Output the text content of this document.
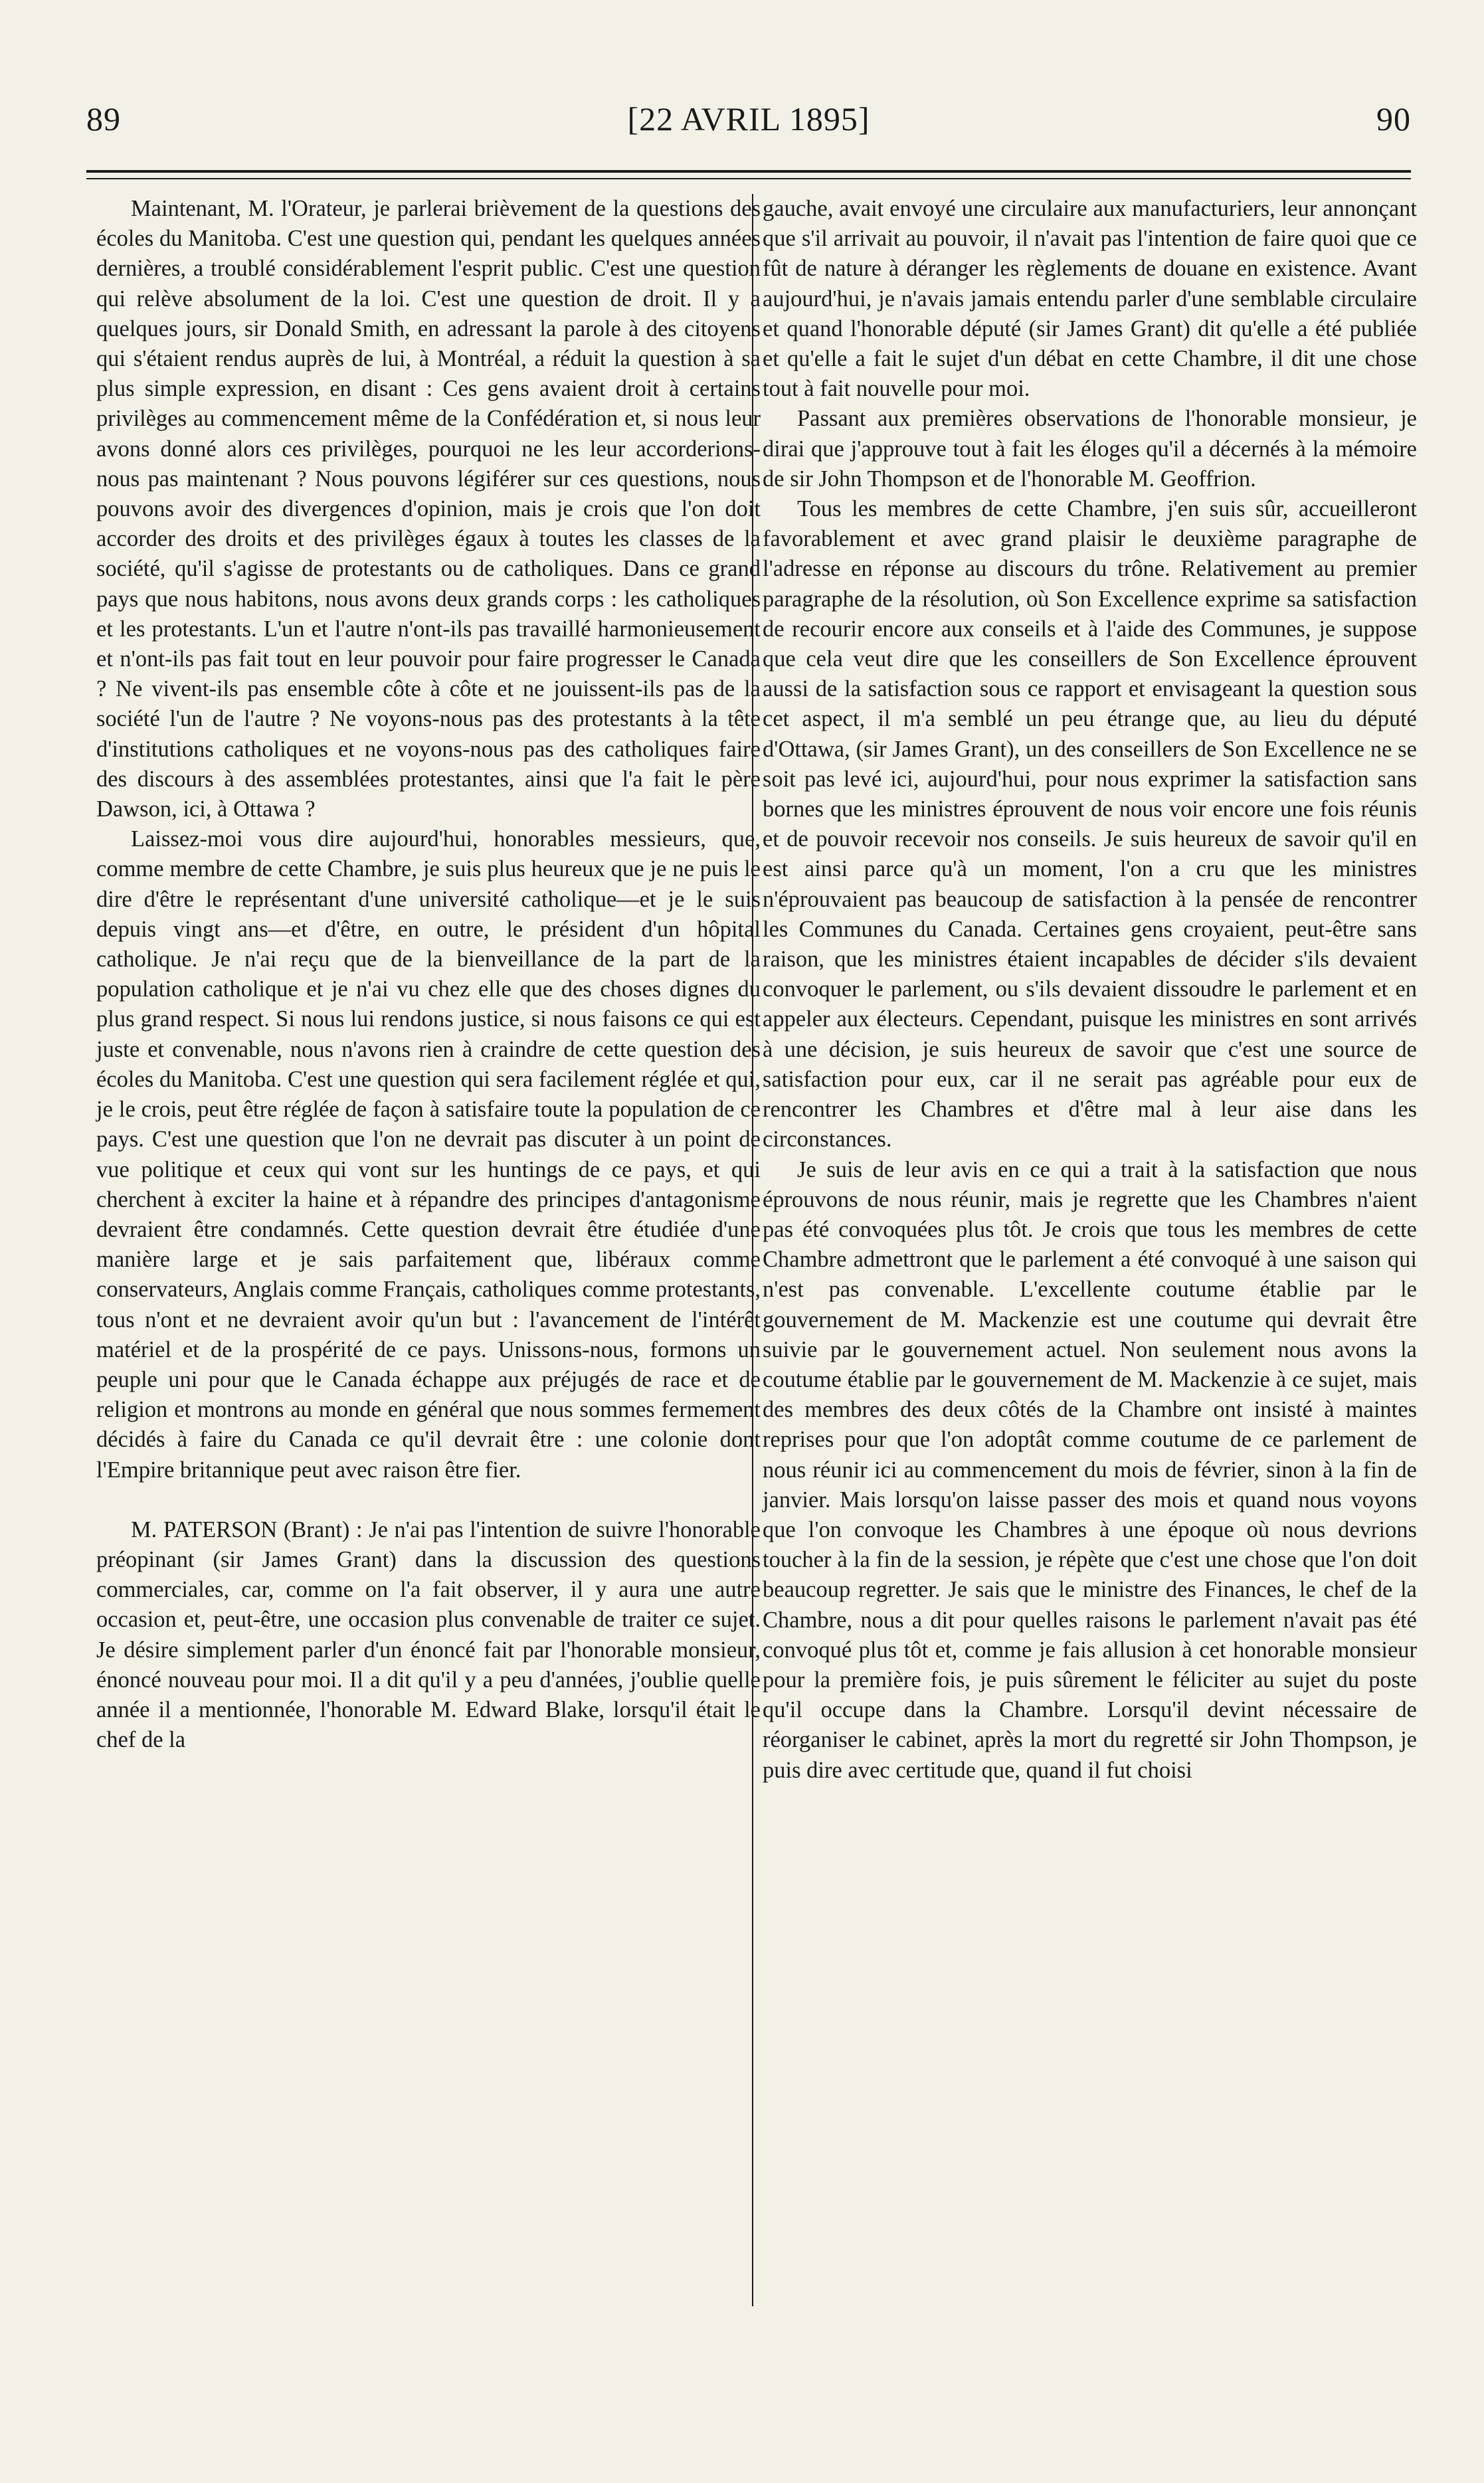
89	[22 AVRIL 1895]	90

Maintenant, M. l'Orateur, je parlerai brièvement de la questions des écoles du Manitoba. C'est une question qui, pendant les quelques années dernières, a troublé considérablement l'esprit public. C'est une question qui relève absolument de la loi. C'est une question de droit. Il y a quelques jours, sir Donald Smith, en adressant la parole à des citoyens qui s'étaient rendus auprès de lui, à Montréal, a réduit la question à sa plus simple expression, en disant : Ces gens avaient droit à certains privilèges au commencement même de la Confédération et, si nous leur avons donné alors ces privilèges, pourquoi ne les leur accorderions-nous pas maintenant ? Nous pouvons légiférer sur ces questions, nous pouvons avoir des divergences d'opinion, mais je crois que l'on doit accorder des droits et des privilèges égaux à toutes les classes de la société, qu'il s'agisse de protestants ou de catholiques. Dans ce grand pays que nous habitons, nous avons deux grands corps : les catholiques et les protestants. L'un et l'autre n'ont-ils pas travaillé harmonieusement et n'ont-ils pas fait tout en leur pouvoir pour faire progresser le Canada ? Ne vivent-ils pas ensemble côte à côte et ne jouissent-ils pas de la société l'un de l'autre ? Ne voyons-nous pas des protestants à la tête d'institutions catholiques et ne voyons-nous pas des catholiques faire des discours à des assemblées protestantes, ainsi que l'a fait le père Dawson, ici, à Ottawa ?

Laissez-moi vous dire aujourd'hui, honorables messieurs, que, comme membre de cette Chambre, je suis plus heureux que je ne puis le dire d'être le représentant d'une université catholique—et je le suis depuis vingt ans—et d'être, en outre, le président d'un hôpital catholique. Je n'ai reçu que de la bienveillance de la part de la population catholique et je n'ai vu chez elle que des choses dignes du plus grand respect. Si nous lui rendons justice, si nous faisons ce qui est juste et convenable, nous n'avons rien à craindre de cette question des écoles du Manitoba. C'est une question qui sera facilement réglée et qui, je le crois, peut être réglée de façon à satisfaire toute la population de ce pays. C'est une question que l'on ne devrait pas discuter à un point de vue politique et ceux qui vont sur les huntings de ce pays, et qui cherchent à exciter la haine et à répandre des principes d'antagonisme devraient être condamnés. Cette question devrait être étudiée d'une manière large et je sais parfaitement que, libéraux comme conservateurs, Anglais comme Français, catholiques comme protestants, tous n'ont et ne devraient avoir qu'un but : l'avancement de l'intérêt matériel et de la prospérité de ce pays. Unissons-nous, formons un peuple uni pour que le Canada échappe aux préjugés de race et de religion et montrons au monde en général que nous sommes fermement décidés à faire du Canada ce qu'il devrait être : une colonie dont l'Empire britannique peut avec raison être fier.

M. PATERSON (Brant) : Je n'ai pas l'intention de suivre l'honorable préopinant (sir James Grant) dans la discussion des questions commerciales, car, comme on l'a fait observer, il y aura une autre occasion et, peut-être, une occasion plus convenable de traiter ce sujet. Je désire simplement parler d'un énoncé fait par l'honorable monsieur, énoncé nouveau pour moi. Il a dit qu'il y a peu d'années, j'oublie quelle année il a mentionnée, l'honorable M. Edward Blake, lorsqu'il était le chef de la

gauche, avait envoyé une circulaire aux manufacturiers, leur annonçant que s'il arrivait au pouvoir, il n'avait pas l'intention de faire quoi que ce fût de nature à déranger les règlements de douane en existence. Avant aujourd'hui, je n'avais jamais entendu parler d'une semblable circulaire et quand l'honorable député (sir James Grant) dit qu'elle a été publiée et qu'elle a fait le sujet d'un débat en cette Chambre, il dit une chose tout à fait nouvelle pour moi.

Passant aux premières observations de l'honorable monsieur, je dirai que j'approuve tout à fait les éloges qu'il a décernés à la mémoire de sir John Thompson et de l'honorable M. Geoffrion.

Tous les membres de cette Chambre, j'en suis sûr, accueilleront favorablement et avec grand plaisir le deuxième paragraphe de l'adresse en réponse au discours du trône. Relativement au premier paragraphe de la résolution, où Son Excellence exprime sa satisfaction de recourir encore aux conseils et à l'aide des Communes, je suppose que cela veut dire que les conseillers de Son Excellence éprouvent aussi de la satisfaction sous ce rapport et envisageant la question sous cet aspect, il m'a semblé un peu étrange que, au lieu du député d'Ottawa, (sir James Grant), un des conseillers de Son Excellence ne se soit pas levé ici, aujourd'hui, pour nous exprimer la satisfaction sans bornes que les ministres éprouvent de nous voir encore une fois réunis et de pouvoir recevoir nos conseils. Je suis heureux de savoir qu'il en est ainsi parce qu'à un moment, l'on a cru que les ministres n'éprouvaient pas beaucoup de satisfaction à la pensée de rencontrer les Communes du Canada. Certaines gens croyaient, peut-être sans raison, que les ministres étaient incapables de décider s'ils devaient convoquer le parlement, ou s'ils devaient dissoudre le parlement et en appeler aux électeurs. Cependant, puisque les ministres en sont arrivés à une décision, je suis heureux de savoir que c'est une source de satisfaction pour eux, car il ne serait pas agréable pour eux de rencontrer les Chambres et d'être mal à leur aise dans les circonstances.

Je suis de leur avis en ce qui a trait à la satisfaction que nous éprouvons de nous réunir, mais je regrette que les Chambres n'aient pas été convoquées plus tôt. Je crois que tous les membres de cette Chambre admettront que le parlement a été convoqué à une saison qui n'est pas convenable. L'excellente coutume établie par le gouvernement de M. Mackenzie est une coutume qui devrait être suivie par le gouvernement actuel. Non seulement nous avons la coutume établie par le gouvernement de M. Mackenzie à ce sujet, mais des membres des deux côtés de la Chambre ont insisté à maintes reprises pour que l'on adoptât comme coutume de ce parlement de nous réunir ici au commencement du mois de février, sinon à la fin de janvier. Mais lorsqu'on laisse passer des mois et quand nous voyons que l'on convoque les Chambres à une époque où nous devrions toucher à la fin de la session, je répète que c'est une chose que l'on doit beaucoup regretter. Je sais que le ministre des Finances, le chef de la Chambre, nous a dit pour quelles raisons le parlement n'avait pas été convoqué plus tôt et, comme je fais allusion à cet honorable monsieur pour la première fois, je puis sûrement le féliciter au sujet du poste qu'il occupe dans la Chambre. Lorsqu'il devint nécessaire de réorganiser le cabinet, après la mort du regretté sir John Thompson, je puis dire avec certitude que, quand il fut choisi
